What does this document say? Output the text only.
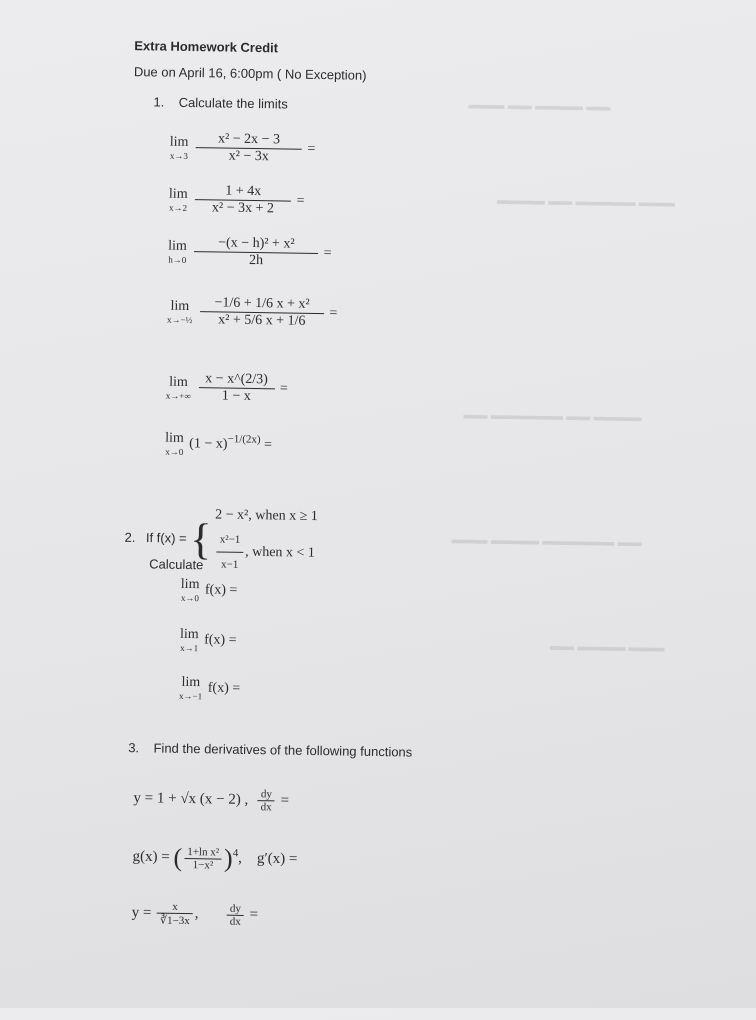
▬▬ ▬▬▬▬ ▬▬ ▬▬▬
▬▬▬ ▬▬▬▬▬ ▬▬ ▬▬▬▬
▬▬▬▬ ▬▬ ▬▬▬▬▬▬ ▬▬
▬▬ ▬▬▬▬▬▬ ▬▬▬▬ ▬▬▬
▬▬▬ ▬▬▬▬ ▬▬
Extra Homework Credit
Due on April 16, 6:00pm ( No Exception)
1. Calculate the limits
lim
x→3
$\frac{\text{x² − 2x − 3}}{\text{x² − 3x}}$ =
lim
x→2
$\frac{1 + 4x}{\text{x² − 3x + 2}}$ =
lim
h→0
$\frac{\text{−(x − h)² + x²}}{2h}$ =
lim
x→−½
$\frac{\text{−1/6 + 1/6 x + x²}}{\text{x² + 5/6 x + 1/6}}$ =
lim
x→+∞
$\frac{x - x\^{}(2/3)}{1 - x}$ =
lim
x→0 $(1 - x)^{-1/(2x)}$ =
2. If f(x) = { 2 − x², when x ≥ 1
$\frac{\text{x²−1}}{x-1}$ , when x < 1
Calculate
lim
x→0
f(x) =
lim
x→1
f(x) =
lim
x→−1
f(x) =
3. Find the derivatives of the following functions
y = 1 + √x (x − 2) , $\frac{dy}{dx}$ =
g(x) = ( $\frac{\text{1+ln x²}}{\text{1−x²}} )^4$,    g′(x) =
$y = \frac{x}{∛1-3x}$ , $\frac{dy}{dx}$ =
